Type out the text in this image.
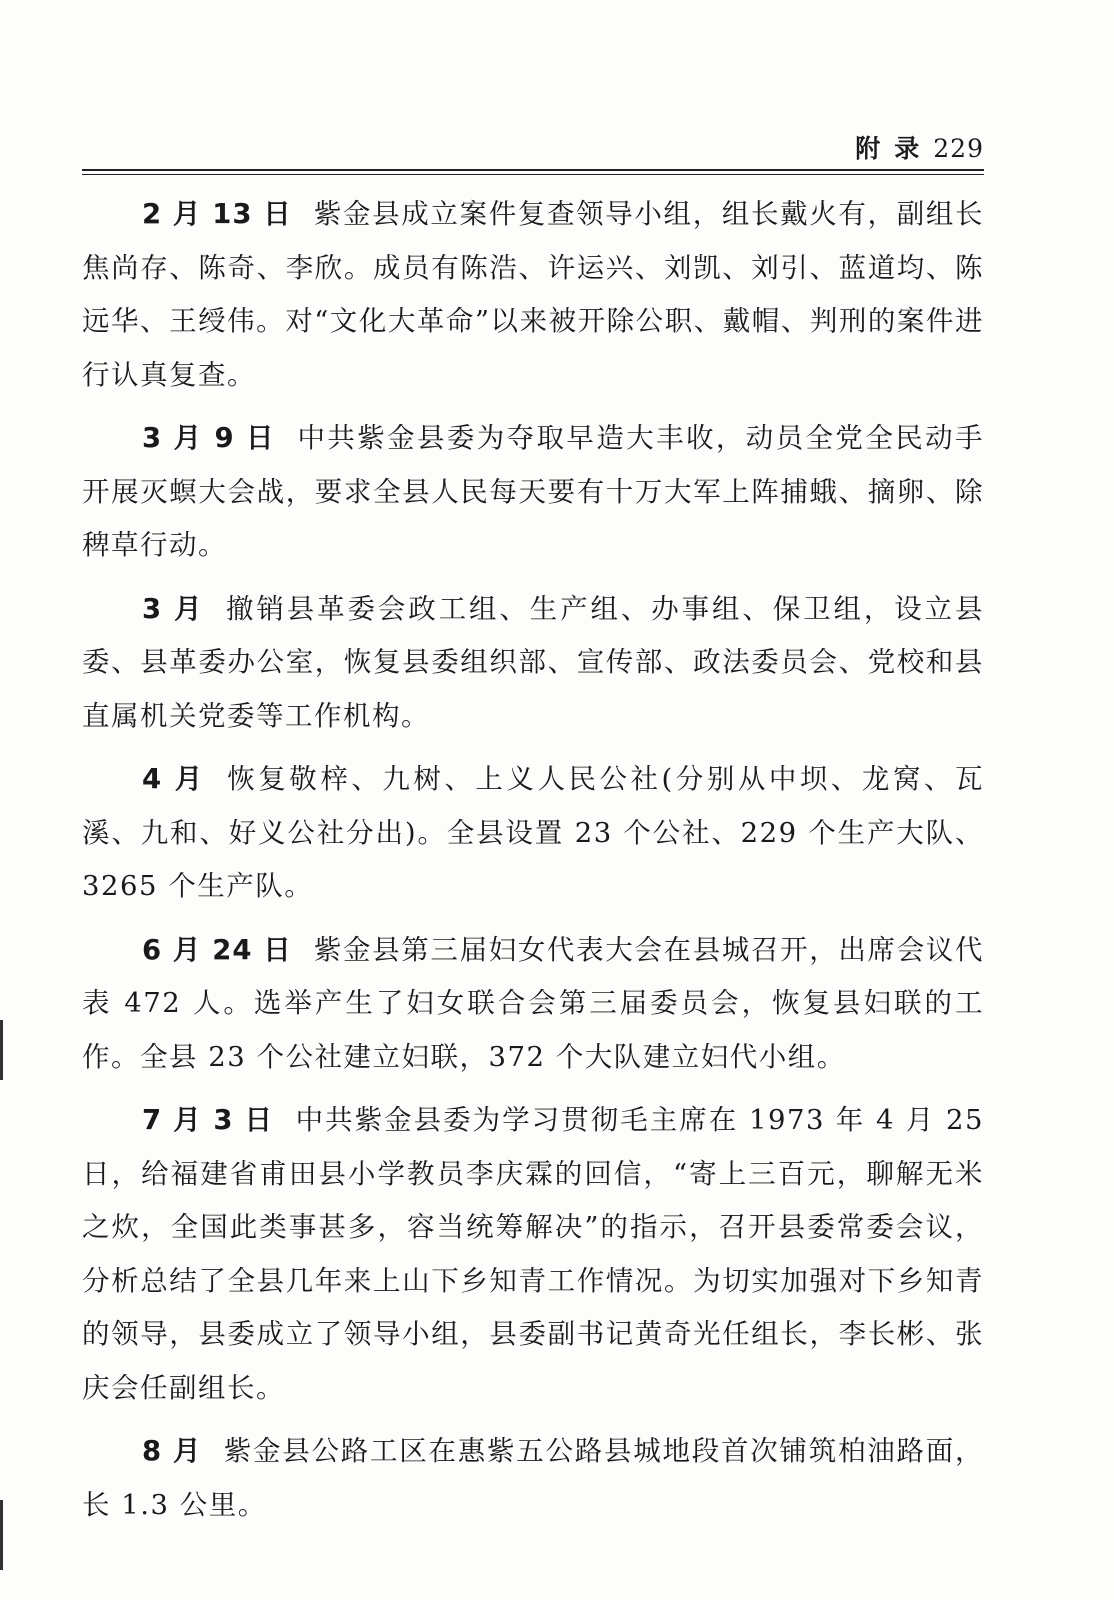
附录229

2 月 13 日 紫金县成立案件复查领导小组，组长戴火有，副组长焦尚存、陈奇、李欣。成员有陈浩、许运兴、刘凯、刘引、蓝道均、陈远华、王绶伟。对“文化大革命”以来被开除公职、戴帽、判刑的案件进行认真复查。

3 月 9 日 中共紫金县委为夺取早造大丰收，动员全党全民动手开展灭螟大会战，要求全县人民每天要有十万大军上阵捕蛾、摘卵、除稗草行动。

3 月 撤销县革委会政工组、生产组、办事组、保卫组，设立县委、县革委办公室，恢复县委组织部、宣传部、政法委员会、党校和县直属机关党委等工作机构。

4 月 恢复敬梓、九树、上义人民公社(分别从中坝、龙窝、瓦溪、九和、好义公社分出)。全县设置 23 个公社、229 个生产大队、3265 个生产队。

6 月 24 日 紫金县第三届妇女代表大会在县城召开，出席会议代表 472 人。选举产生了妇女联合会第三届委员会，恢复县妇联的工作。全县 23 个公社建立妇联，372 个大队建立妇代小组。

7 月 3 日 中共紫金县委为学习贯彻毛主席在 1973 年 4 月 25 日，给福建省甫田县小学教员李庆霖的回信，“寄上三百元，聊解无米之炊，全国此类事甚多，容当统筹解决”的指示，召开县委常委会议，分析总结了全县几年来上山下乡知青工作情况。为切实加强对下乡知青的领导，县委成立了领导小组，县委副书记黄奇光任组长，李长彬、张庆会任副组长。

8 月 紫金县公路工区在惠紫五公路县城地段首次铺筑柏油路面，长 1.3 公里。
